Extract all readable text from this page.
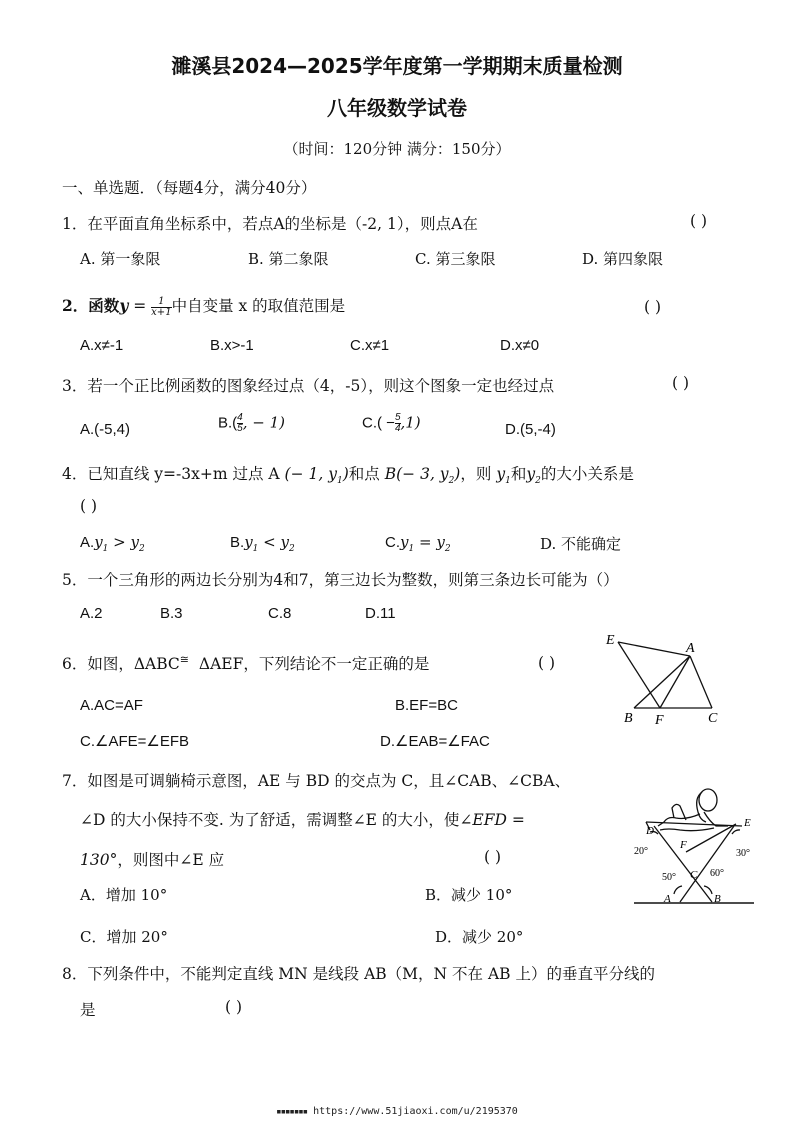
濉溪县2024—2025学年度第一学期期末质量检测
八年级数学试卷
（时间：120分钟 满分：150分）
一、单选题．（每题4分，满分40分）
1．在平面直角坐标系中，若点A的坐标是（-2, 1），则点A在	( )
A. 第一象限	B. 第二象限	C. 第三象限	D. 第四象限
2．函数$y = \frac{1}{x+1}$ 中自变量 x 的取值范围是	( )
A.x≠-1	B.x>-1	C.x≠1	D.x≠0
3．若一个正比例函数的图象经过点（4，-5），则这个图象一定也经过点	( )
A.(-5,4)	$B.( \frac{4}{5}$ , − 1)	$C.( - \frac{5}{4} ,1)$	D.(5,-4)
4．已知直线 y=-3x+m 过点 A (− 1, $y_1$)和点 B(− 3, $y_2$)，则 $y_1$和$y_2$的大小关系是
( )
$A.y_1 > y_2$	$B.y_1 < y_2$	$C.y_1 = y_2$	D. 不能确定
5．一个三角形的两边长分别为4和7，第三边长为整数，则第三条边长可能为（）
A.2	B.3	C.8	D.11
6．如图，ΔABC≅ ΔAEF，下列结论不一定正确的是	( )
A.AC=AF	B.EF=BC
C.∠AFE=∠EFB	D.∠EAB=∠FAC
E
A
B F	C
7．如图是可调躺椅示意图，AE 与 BD 的交点为 C，且∠CAB、∠CBA、
∠D 的大小保持不变. 为了舒适，需调整∠E 的大小，使∠EFD =
130°，则图中∠E 应	( )
A．增加 10°	B．减少 10°
C．增加 20°	D．减少 20°
D
E
F
C
A	B
20°	30°
50°	60°
8．下列条件中，不能判定直线 MN 是线段 AB（M，N 不在 AB 上）的垂直平分线的
是	( )
▪▪▪▪▪▪▪ https://www.51jiaoxi.com/u/2195370
